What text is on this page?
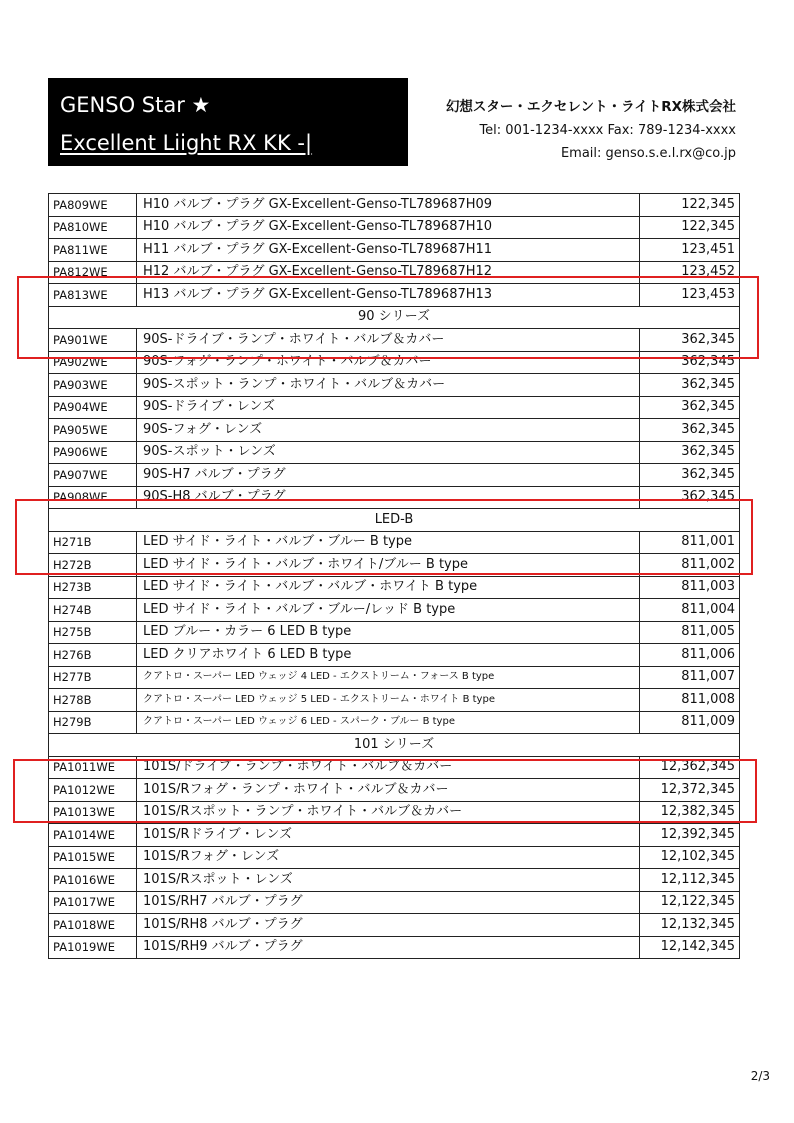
GENSO Star ★
Excellent Liight RX KK -|
幻想スター・エクセレント・ライトRX株式会社
Tel: 001-1234-xxxx Fax: 789-1234-xxxx
Email: genso.s.e.l.rx@co.jp
PA809WE	H10 バルブ・プラグ GX-Excellent-Genso-TL789687H09	122,345
PA810WE	H10 バルブ・プラグ GX-Excellent-Genso-TL789687H10	122,345
PA811WE	H11 バルブ・プラグ GX-Excellent-Genso-TL789687H11	123,451
PA812WE	H12 バルブ・プラグ GX-Excellent-Genso-TL789687H12	123,452
PA813WE	H13 バルブ・プラグ GX-Excellent-Genso-TL789687H13	123,453
90 シリーズ		
PA901WE	90S-ドライブ・ランプ・ホワイト・バルブ＆カバー	362,345
PA902WE	90S-フォグ・ランプ・ホワイト・バルブ＆カバー	362,345
PA903WE	90S-スポット・ランプ・ホワイト・バルブ＆カバー	362,345
PA904WE	90S-ドライブ・レンズ	362,345
PA905WE	90S-フォグ・レンズ	362,345
PA906WE	90S-スポット・レンズ	362,345
PA907WE	90S-H7 バルブ・プラグ	362,345
PA908WE	90S-H8 バルブ・プラグ	362,345
LED-B		
H271B	LED サイド・ライト・バルブ・ブルー B type	811,001
H272B	LED サイド・ライト・バルブ・ホワイト/ブルー B type	811,002
H273B	LED サイド・ライト・バルブ・バルブ・ホワイト B type	811,003
H274B	LED サイド・ライト・バルブ・ブルー/レッド B type	811,004
H275B	LED ブルー・カラー 6 LED B type	811,005
H276B	LED クリアホワイト 6 LED B type	811,006
H277B	クアトロ・スーパー LED ウェッジ 4 LED - エクストリーム・フォース B type	811,007
H278B	クアトロ・スーパー LED ウェッジ 5 LED - エクストリーム・ホワイト B type	811,008
H279B	クアトロ・スーパー LED ウェッジ 6 LED - スパーク・ブルー B type	811,009
101 シリーズ		
PA1011WE	101S/ドライブ・ランプ・ホワイト・バルブ＆カバー	12,362,345
PA1012WE	101S/Rフォグ・ランプ・ホワイト・バルブ＆カバー	12,372,345
PA1013WE	101S/Rスポット・ランプ・ホワイト・バルブ＆カバー	12,382,345
PA1014WE	101S/Rドライブ・レンズ	12,392,345
PA1015WE	101S/Rフォグ・レンズ	12,102,345
PA1016WE	101S/Rスポット・レンズ	12,112,345
PA1017WE	101S/RH7 バルブ・プラグ	12,122,345
PA1018WE	101S/RH8 バルブ・プラグ	12,132,345
PA1019WE	101S/RH9 バルブ・プラグ	12,142,345
2/3
